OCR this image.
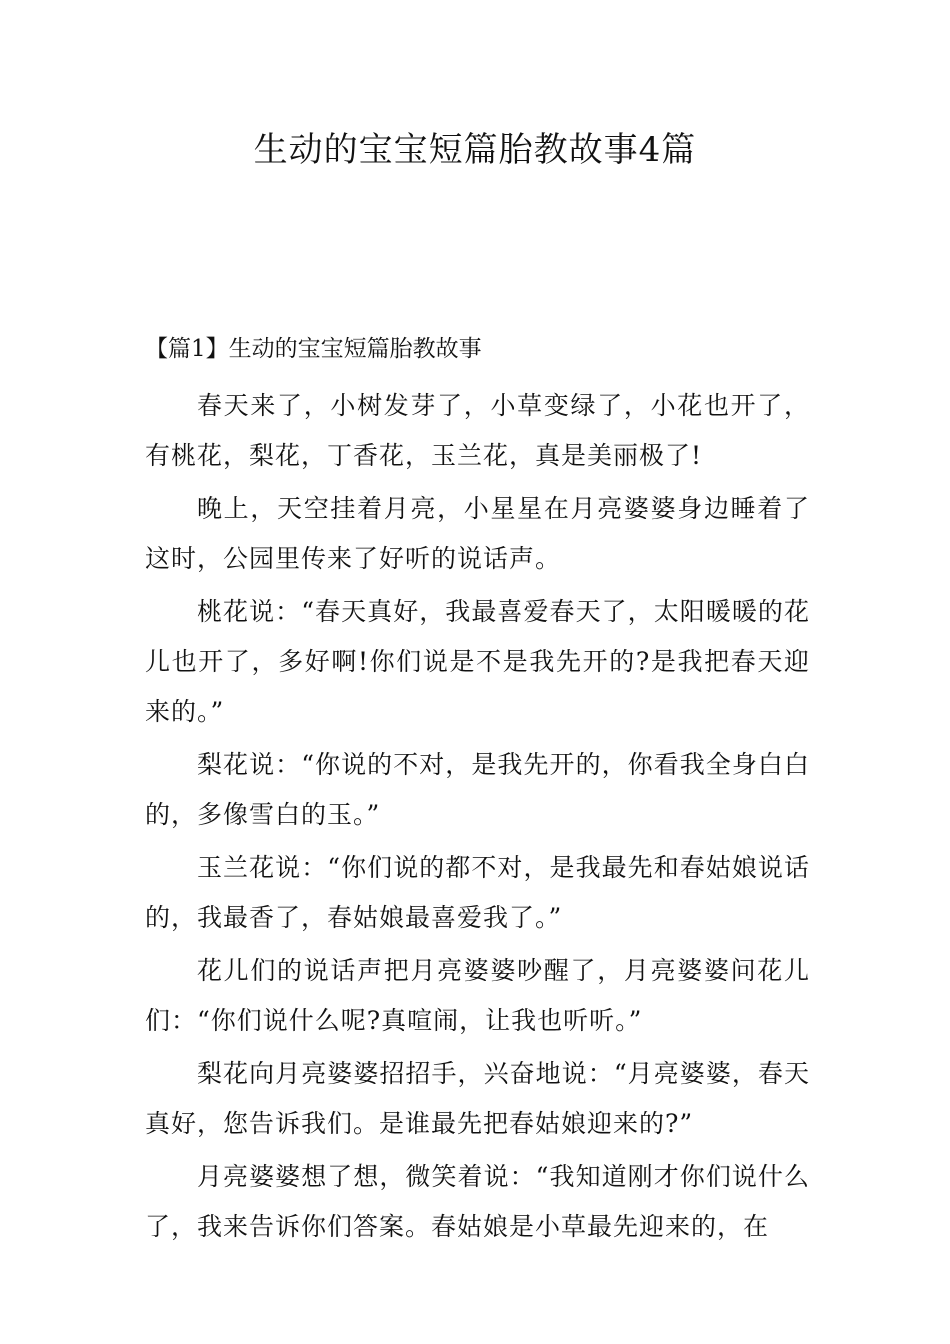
生动的宝宝短篇胎教故事4篇
【篇1】生动的宝宝短篇胎教故事

春天来了，小树发芽了，小草变绿了，小花也开了，有桃花，梨花，丁香花，玉兰花，真是美丽极了!

晚上，天空挂着月亮，小星星在月亮婆婆身边睡着了这时，公园里传来了好听的说话声。

桃花说：“春天真好，我最喜爱春天了，太阳暖暖的花儿也开了，多好啊!你们说是不是我先开的?是我把春天迎来的。”

梨花说：“你说的不对，是我先开的，你看我全身白白的，多像雪白的玉。”

玉兰花说：“你们说的都不对，是我最先和春姑娘说话的，我最香了，春姑娘最喜爱我了。”

花儿们的说话声把月亮婆婆吵醒了，月亮婆婆问花儿们：“你们说什么呢?真喧闹，让我也听听。”

梨花向月亮婆婆招招手，兴奋地说：“月亮婆婆，春天真好，您告诉我们。是谁最先把春姑娘迎来的?”

月亮婆婆想了想，微笑着说：“我知道刚才你们说什么了，我来告诉你们答案。春姑娘是小草最先迎来的，在
